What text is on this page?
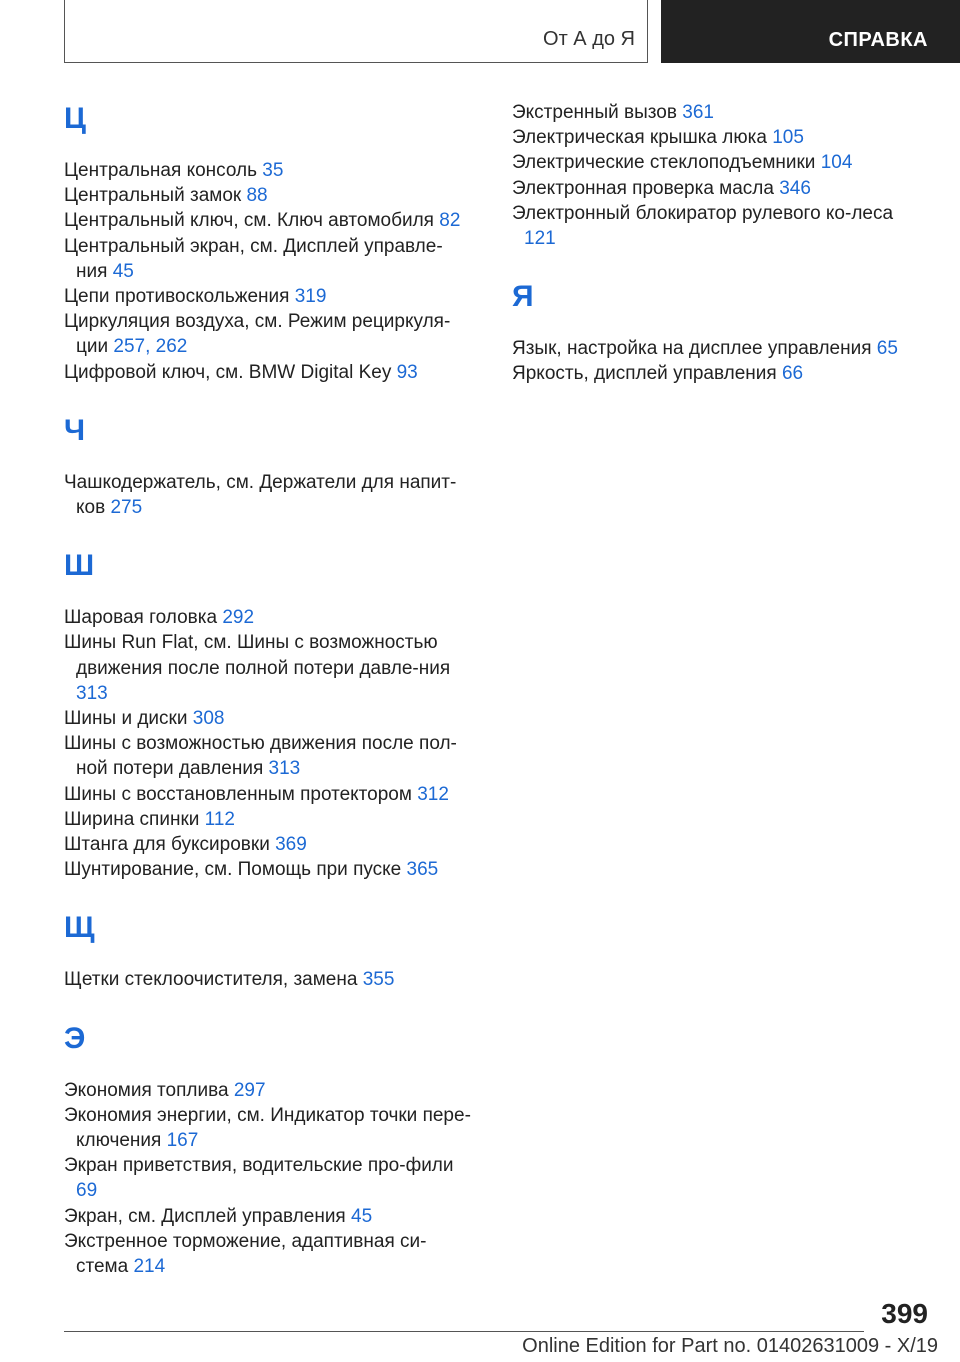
От А до Я	СПРАВКА
Ц
Центральная консоль 35
Центральный замок 88
Центральный ключ, см. Ключ автомобиля 82
Центральный экран, см. Дисплей управле-ния 45
Цепи противоскольжения 319
Циркуляция воздуха, см. Режим рециркуля-ции 257, 262
Цифровой ключ, см. BMW Digital Key 93
Ч
Чашкодержатель, см. Держатели для напит-ков 275
Ш
Шаровая головка 292
Шины Run Flat, см. Шины с возможностью движения после полной потери давле-ния 313
Шины и диски 308
Шины с возможностью движения после пол-ной потери давления 313
Шины с восстановленным протектором 312
Ширина спинки 112
Штанга для буксировки 369
Шунтирование, см. Помощь при пуске 365
Щ
Щетки стеклоочистителя, замена 355
Э
Экономия топлива 297
Экономия энергии, см. Индикатор точки пере-ключения 167
Экран приветствия, водительские про-фили 69
Экран, см. Дисплей управления 45
Экстренное торможение, адаптивная си-стема 214
Экстренный вызов 361
Электрическая крышка люка 105
Электрические стеклоподъемники 104
Электронная проверка масла 346
Электронный блокиратор рулевого ко-леса 121
Я
Язык, настройка на дисплее управления 65
Яркость, дисплей управления 66
399
Online Edition for Part no. 01402631009 - X/19
